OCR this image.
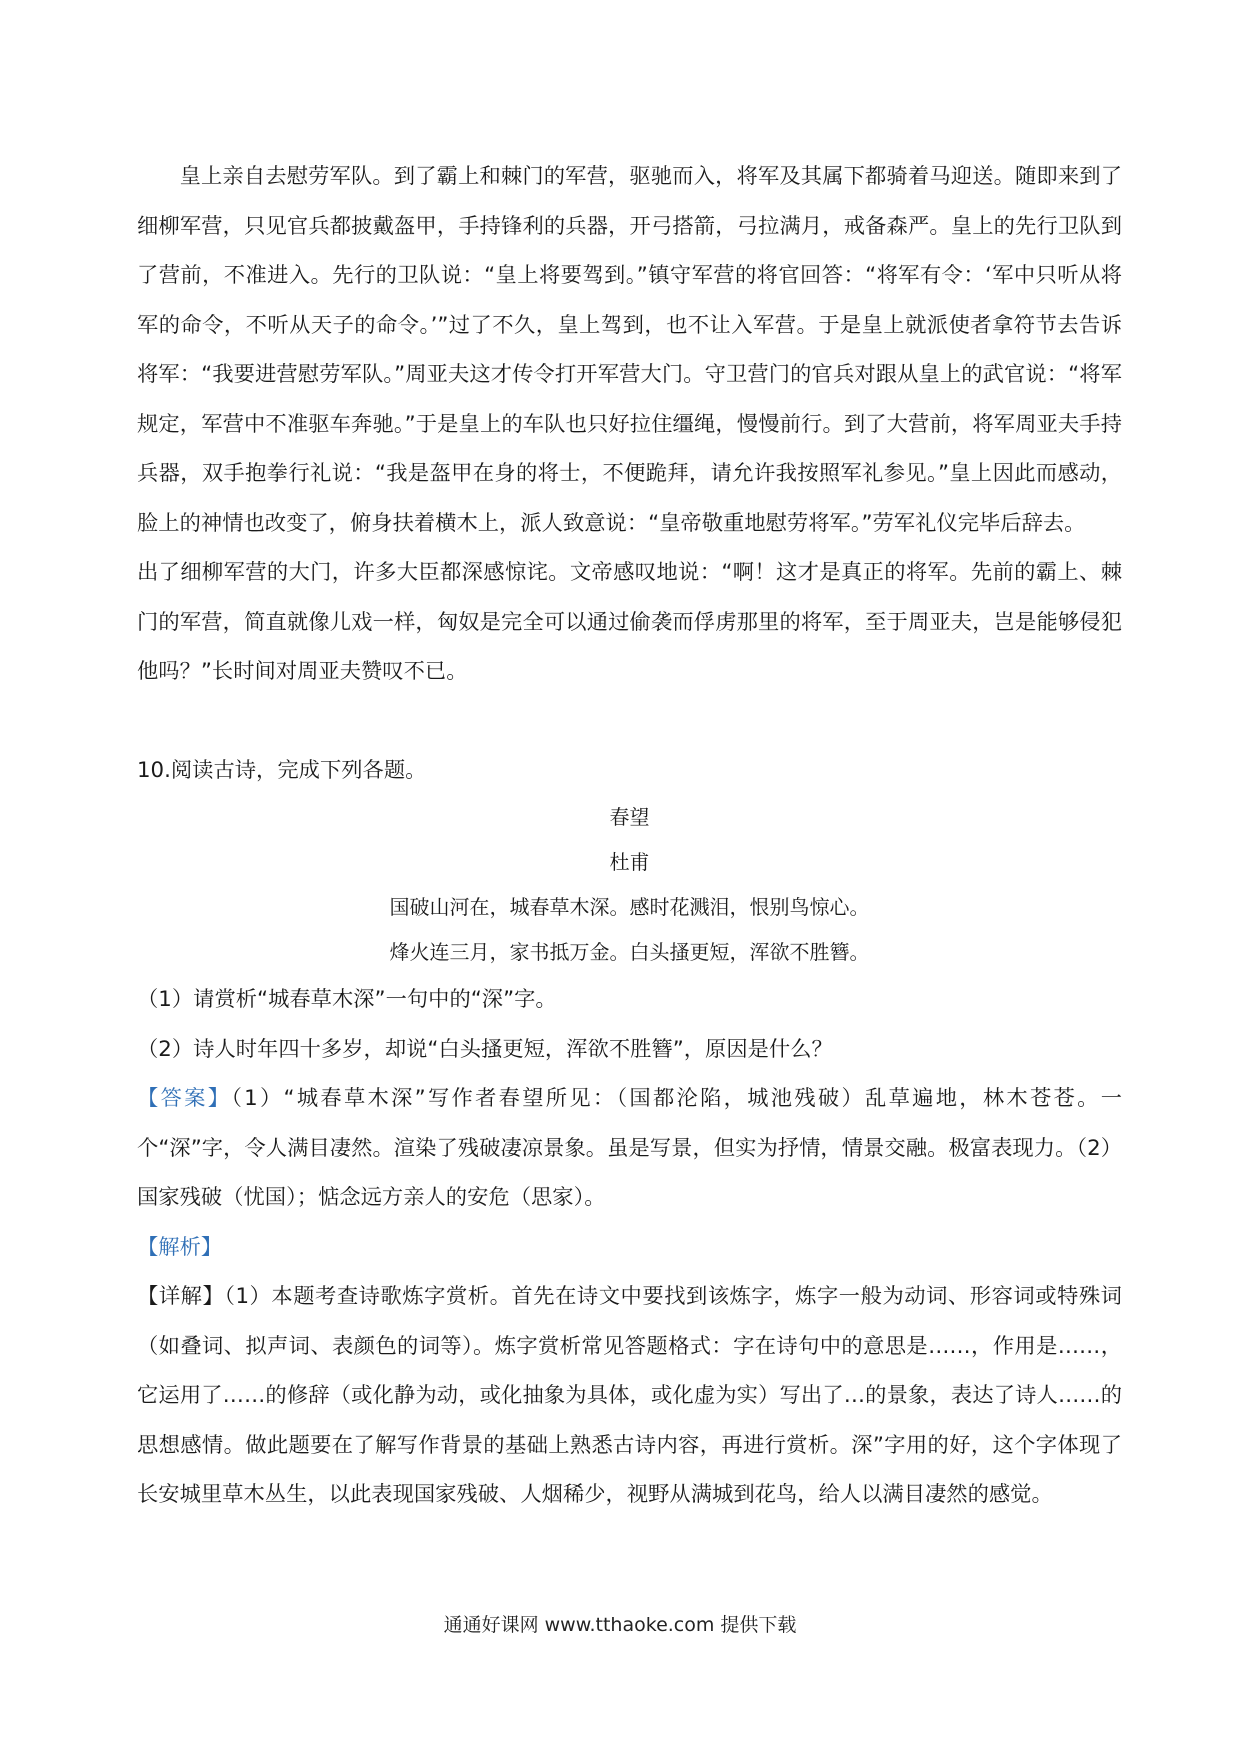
皇上亲自去慰劳军队。到了霸上和棘门的军营，驱驰而入，将军及其属下都骑着马迎送。随即来到了细柳军营，只见官兵都披戴盔甲，手持锋利的兵器，开弓搭箭，弓拉满月，戒备森严。皇上的先行卫队到了营前，不准进入。先行的卫队说：“皇上将要驾到。”镇守军营的将官回答：“将军有令：‘军中只听从将军的命令，不听从天子的命令。’”过了不久，皇上驾到，也不让入军营。于是皇上就派使者拿符节去告诉将军：“我要进营慰劳军队。”周亚夫这才传令打开军营大门。守卫营门的官兵对跟从皇上的武官说：“将军规定，军营中不准驱车奔驰。”于是皇上的车队也只好拉住缰绳，慢慢前行。到了大营前，将军周亚夫手持兵器，双手抱拳行礼说：“我是盔甲在身的将士，不便跪拜，请允许我按照军礼参见。”皇上因此而感动，脸上的神情也改变了，俯身扶着横木上，派人致意说：“皇帝敬重地慰劳将军。”劳军礼仪完毕后辞去。

出了细柳军营的大门，许多大臣都深感惊诧。文帝感叹地说：“啊！这才是真正的将军。先前的霸上、棘门的军营，简直就像儿戏一样，匈奴是完全可以通过偷袭而俘虏那里的将军，至于周亚夫，岂是能够侵犯他吗？”长时间对周亚夫赞叹不已。

10.阅读古诗，完成下列各题。

春望
杜甫
国破山河在，城春草木深。感时花溅泪，恨别鸟惊心。
烽火连三月，家书抵万金。白头搔更短，浑欲不胜簪。

（1）请赏析“城春草木深”一句中的“深”字。

（2）诗人时年四十多岁，却说“白头搔更短，浑欲不胜簪”，原因是什么？

【答案】（1）“城春草木深”写作者春望所见：（国都沦陷，城池残破）乱草遍地，林木苍苍。一个“深”字，令人满目凄然。渲染了残破凄凉景象。虽是写景，但实为抒情，情景交融。极富表现力。（2）国家残破（忧国）；惦念远方亲人的安危（思家）。

【解析】

【详解】（1）本题考查诗歌炼字赏析。首先在诗文中要找到该炼字，炼字一般为动词、形容词或特殊词（如叠词、拟声词、表颜色的词等）。炼字赏析常见答题格式：字在诗句中的意思是……，作用是……，它运用了……的修辞（或化静为动，或化抽象为具体，或化虚为实）写出了…的景象，表达了诗人……的思想感情。做此题要在了解写作背景的基础上熟悉古诗内容，再进行赏析。深”字用的好，这个字体现了长安城里草木丛生，以此表现国家残破、人烟稀少，视野从满城到花鸟，给人以满目凄然的感觉。

通通好课网 www.tthaoke.com 提供下载
